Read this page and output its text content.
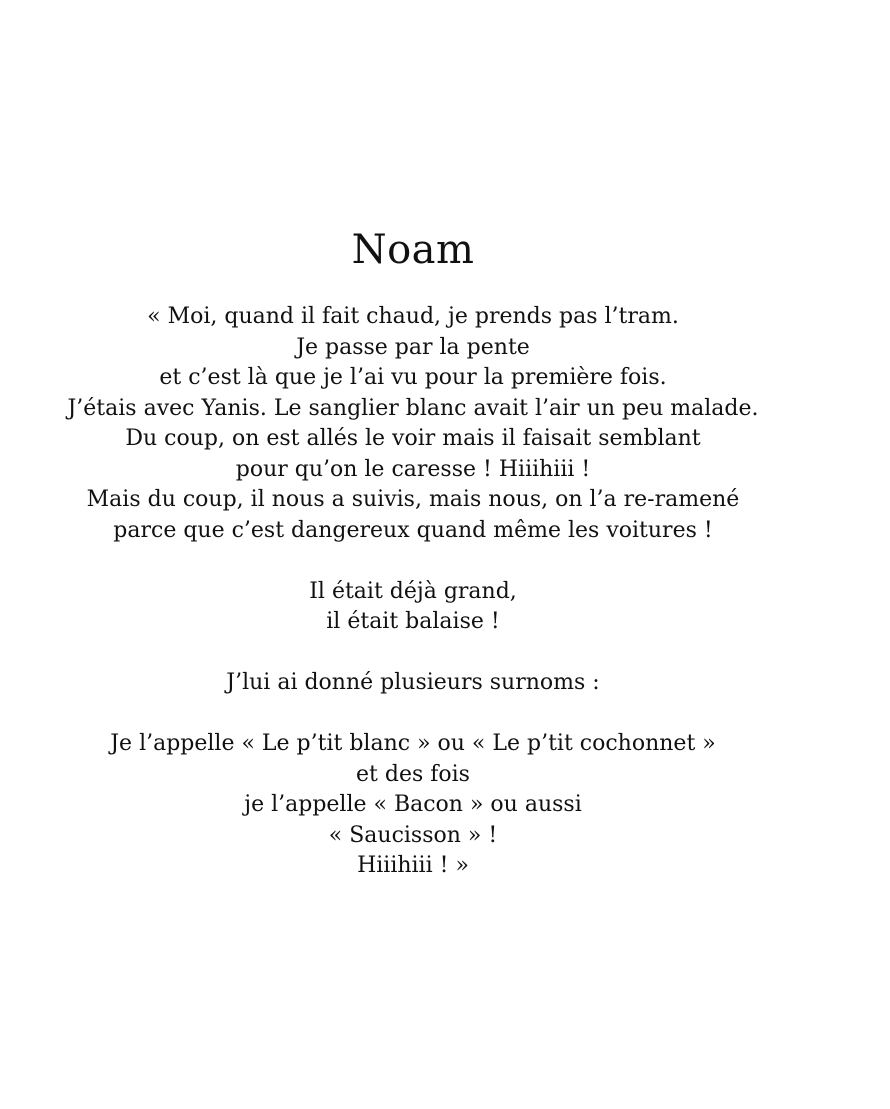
Noam
« Moi, quand il fait chaud, je prends pas l’tram.
Je passe par la pente
et c’est là que je l’ai vu pour la première fois.
J’étais avec Yanis. Le sanglier blanc avait l’air un peu malade.
Du coup, on est allés le voir mais il faisait semblant
pour qu’on le caresse ! Hiiihiii !
Mais du coup, il nous a suivis, mais nous, on l’a re-ramené
parce que c’est dangereux quand même les voitures !
Il était déjà grand,
il était balaise !
J’lui ai donné plusieurs surnoms :
Je l’appelle « Le p’tit blanc » ou « Le p’tit cochonnet »
et des fois
je l’appelle « Bacon » ou aussi
« Saucisson » !
Hiiihiii ! »
